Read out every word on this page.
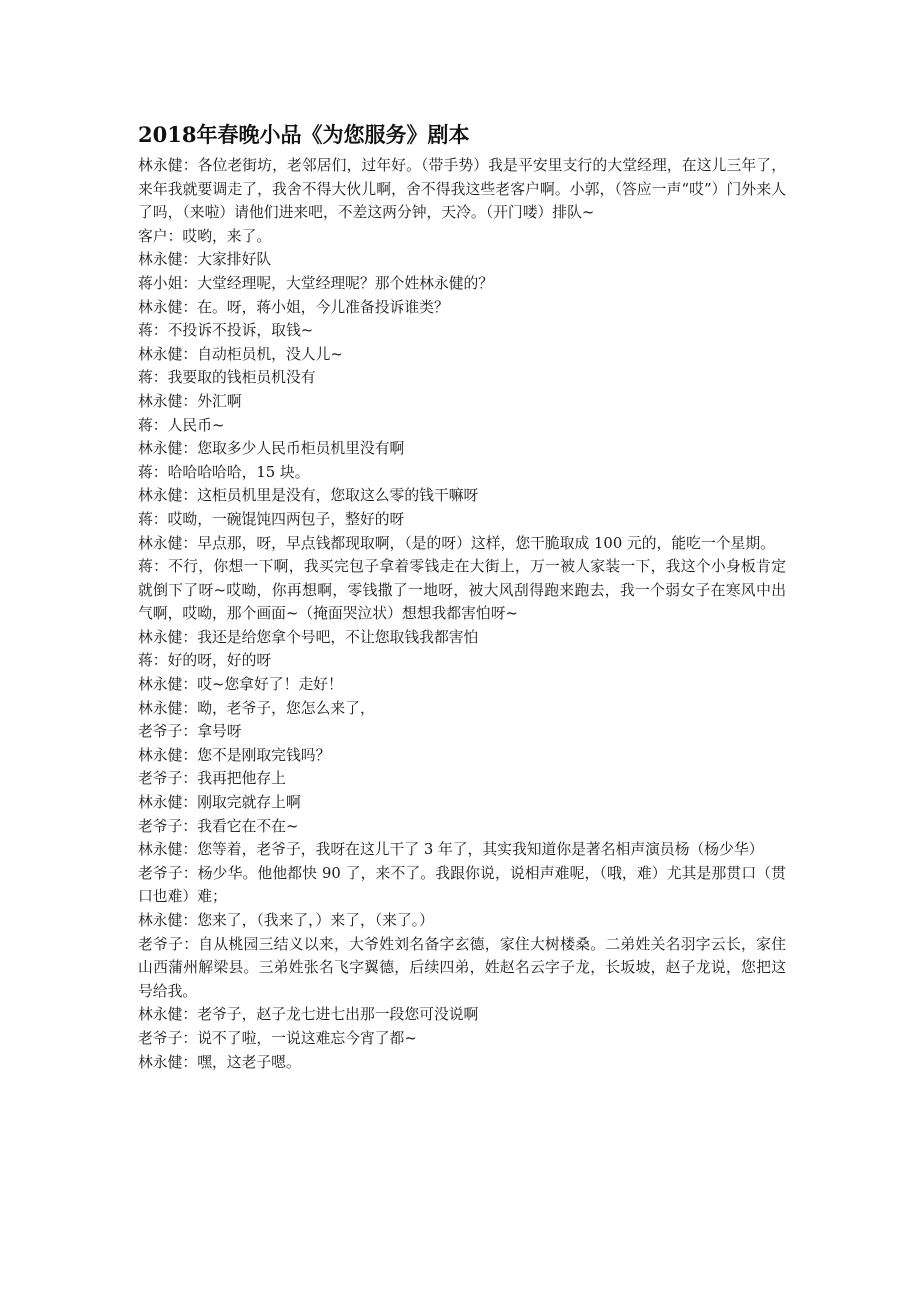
2018年春晚小品《为您服务》剧本

林永健：各位老街坊，老邻居们，过年好。（带手势）我是平安里支行的大堂经理，在这儿三年了，来年我就要调走了，我舍不得大伙儿啊，舍不得我这些老客户啊。小郭，（答应一声“哎”）门外来人了吗，（来啦）请他们进来吧，不差这两分钟，天冷。（开门喽）排队~

客户：哎哟，来了。

林永健：大家排好队

蒋小姐：大堂经理呢，大堂经理呢？那个姓林永健的？

林永健：在。呀，蒋小姐，今儿准备投诉谁类？

蒋：不投诉不投诉，取钱~

林永健：自动柜员机，没人儿~

蒋：我要取的钱柜员机没有

林永健：外汇啊

蒋：人民币~

林永健：您取多少人民币柜员机里没有啊

蒋：哈哈哈哈哈，15 块。

林永健：这柜员机里是没有，您取这么零的钱干嘛呀

蒋：哎呦，一碗馄饨四两包子，整好的呀

林永健：早点那，呀，早点钱都现取啊，（是的呀）这样，您干脆取成 100 元的，能吃一个星期。

蒋：不行，你想一下啊，我买完包子拿着零钱走在大街上，万一被人家装一下，我这个小身板肯定就倒下了呀~哎呦，你再想啊，零钱撒了一地呀，被大风刮得跑来跑去，我一个弱女子在寒风中出气啊，哎呦，那个画面~（掩面哭泣状）想想我都害怕呀~

林永健：我还是给您拿个号吧，不让您取钱我都害怕

蒋：好的呀，好的呀

林永健：哎~您拿好了！走好！

林永健：呦，老爷子，您怎么来了，

老爷子：拿号呀

林永健：您不是刚取完钱吗？

老爷子：我再把他存上

林永健：刚取完就存上啊

老爷子：我看它在不在~

林永健：您等着，老爷子，我呀在这儿干了 3 年了，其实我知道你是著名相声演员杨（杨少华）

老爷子：杨少华。他他都快 90 了，来不了。我跟你说，说相声难呢，（哦，难）尤其是那贯口（贯口也难）难；

林永健：您来了，（我来了，）来了，（来了。）

老爷子：自从桃园三结义以来，大爷姓刘名备字玄德，家住大树楼桑。二弟姓关名羽字云长，家住山西蒲州解梁县。三弟姓张名飞字翼德，后续四弟，姓赵名云字子龙，长坂坡，赵子龙说，您把这号给我。

林永健：老爷子，赵子龙七进七出那一段您可没说啊

老爷子：说不了啦，一说这难忘今宵了都~

林永健：嘿，这老子嗯。
